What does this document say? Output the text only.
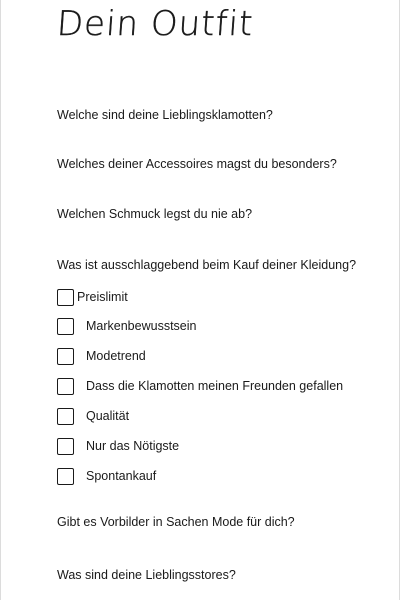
Dein Outfit
Welche sind deine Lieblingsklamotten?
Welches deiner Accessoires magst du besonders?
Welchen Schmuck legst du nie ab?
Was ist ausschlaggebend beim Kauf deiner Kleidung?
Preislimit
Markenbewusstsein
Modetrend
Dass die Klamotten meinen Freunden gefallen
Qualität
Nur das Nötigste
Spontankauf
Gibt es Vorbilder in Sachen Mode für dich?
Was sind deine Lieblingsstores?
